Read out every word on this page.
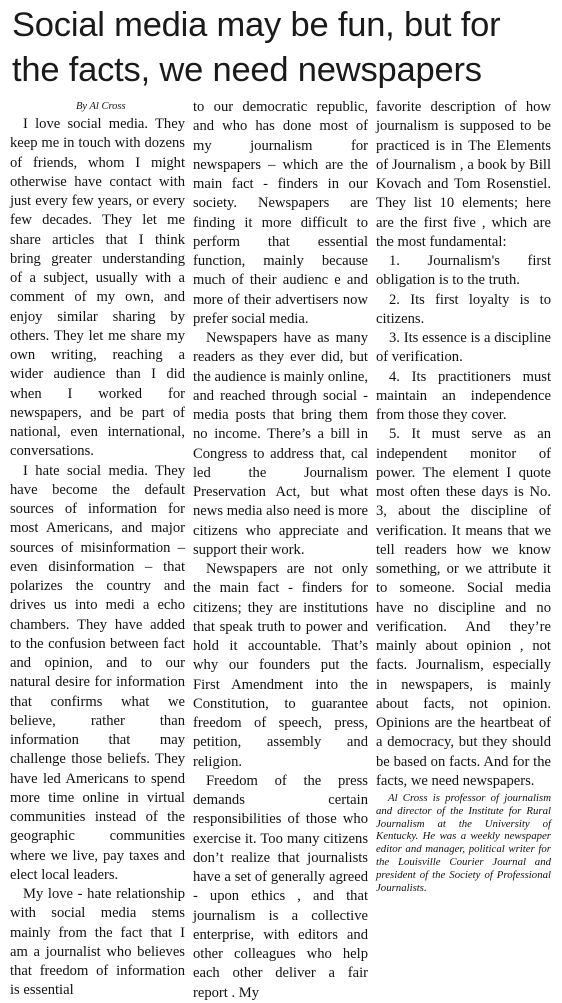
Social media may be fun, but for the facts, we need newspapers
By Al Cross

I love social media. They keep me in touch with dozens of friends, whom I might otherwise have contact with just every few years, or every few decades. They let me share articles that I think bring greater understanding of a subject, usually with a comment of my own, and enjoy similar sharing by others. They let me share my own writing, reaching a wider audience than I did when I worked for newspapers, and be part of national, even international, conversations.

I hate social media. They have become the default sources of information for most Americans, and major sources of misinformation – even disinformation – that polarizes the country and drives us into medi a echo chambers. They have added to the confusion between fact and opinion, and to our natural desire for information that confirms what we believe, rather than information that may challenge those beliefs. They have led Americans to spend more time online in virtual communities instead of the geographic communities where we live, pay taxes and elect local leaders.

My love - hate relationship with social media stems mainly from the fact that I am a journalist who believes that freedom of information is essential

to our democratic republic, and who has done most of my journalism for newspapers – which are the main fact - finders in our society. Newspapers are finding it more difficult to perform that essential function, mainly because much of their audienc e and more of their advertisers now prefer social media.

Newspapers have as many readers as they ever did, but the audience is mainly online, and reached through social - media posts that bring them no income. There’s a bill in Congress to address that, cal led the Journalism Preservation Act, but what news media also need is more citizens who appreciate and support their work.

Newspapers are not only the main fact - finders for citizens; they are institutions that speak truth to power and hold it accountable. That’s why our founders put the First Amendment into the Constitution, to guarantee freedom of speech, press, petition, assembly and religion.

Freedom of the press demands certain responsibilities of those who exercise it. Too many citizens don’t realize that journalists have a set of generally agreed - upon ethics , and that journalism is a collective enterprise, with editors and other colleagues who help each other deliver a fair report . My

favorite description of how journalism is supposed to be practiced is in The Elements of Journalism , a book by Bill Kovach and Tom Rosenstiel. They list 10 elements; here are the first five , which are the most fundamental:

1. Journalism's first obligation is to the truth.

2. Its first loyalty is to citizens.

3. Its essence is a discipline of verification.

4. Its practitioners must maintain an independence from those they cover.

5. It must serve as an independent monitor of power. The element I quote most often these days is No. 3, about the discipline of verification. It means that we tell readers how we know something, or we attribute it to someone. Social media have no discipline and no verification. And they’re mainly about opinion , not facts. Journalism, especially in newspapers, is mainly about facts, not opinion. Opinions are the heartbeat of a democracy, but they should be based on facts. And for the facts, we need newspapers.

Al Cross is professor of journalism and director of the Institute for Rural Journalism at the University of Kentucky. He was a weekly newspaper editor and manager, political writer for the Louisville Courier Journal and president of the Society of Professional Journalists.
